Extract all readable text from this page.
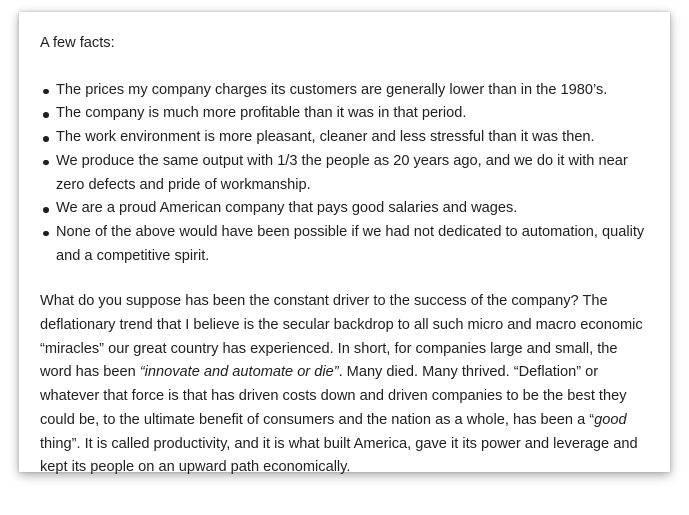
A few facts:

The prices my company charges its customers are generally lower than in the 1980’s.
The company is much more profitable than it was in that period.
The work environment is more pleasant, cleaner and less stressful than it was then.
We produce the same output with 1/3 the people as 20 years ago, and we do it with near zero defects and pride of workmanship.
We are a proud American company that pays good salaries and wages.
None of the above would have been possible if we had not dedicated to automation, quality and a competitive spirit.

What do you suppose has been the constant driver to the success of the company? The deflationary trend that I believe is the secular backdrop to all such micro and macro economic “miracles” our great country has experienced. In short, for companies large and small, the word has been “innovate and automate or die”. Many died. Many thrived. “Deflation” or whatever that force is that has driven costs down and driven companies to be the best they could be, to the ultimate benefit of consumers and the nation as a whole, has been a “good thing”. It is called productivity, and it is what built America, gave it its power and leverage and kept its people on an upward path economically.
